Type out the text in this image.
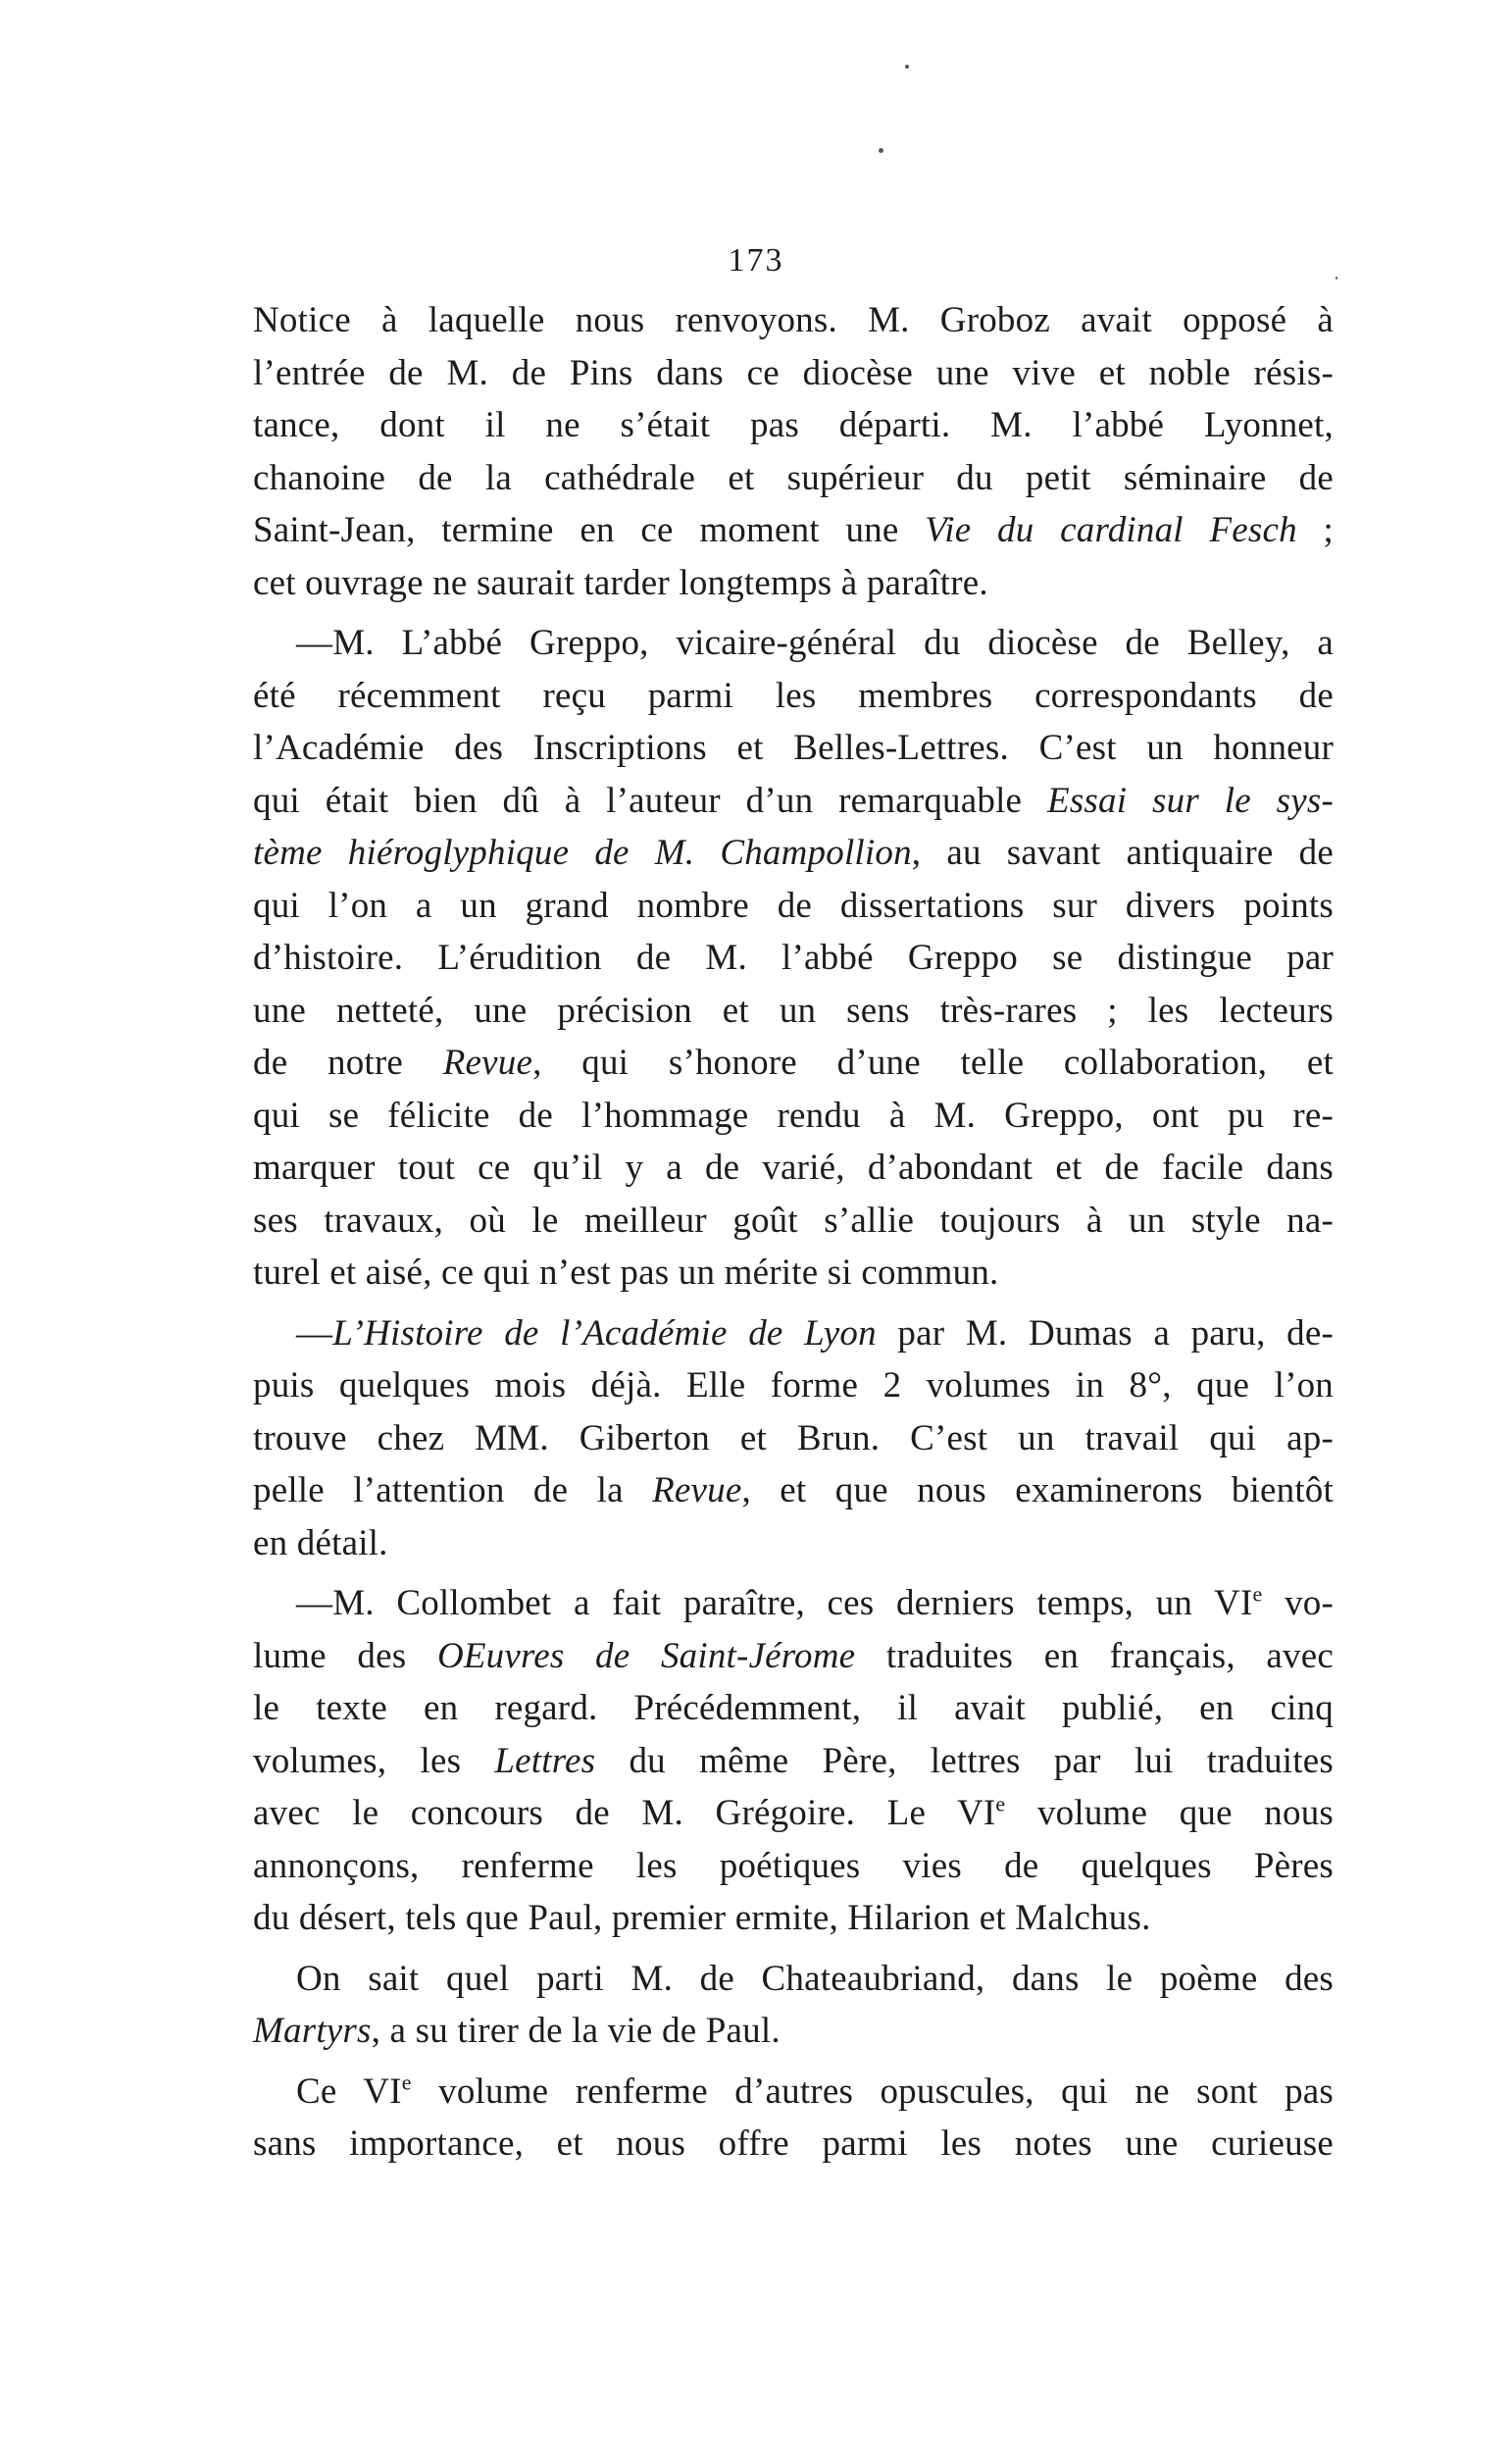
173
Notice à laquelle nous renvoyons. M. Groboz avait opposé à
l’entrée de M. de Pins dans ce diocèse une vive et noble résis-
tance, dont il ne s’était pas départi. M. l’abbé Lyonnet,
chanoine de la cathédrale et supérieur du petit séminaire de
Saint-Jean, termine en ce moment une Vie du cardinal Fesch ;
cet ouvrage ne saurait tarder longtemps à paraître.
—M. L’abbé Greppo, vicaire-général du diocèse de Belley, a
été récemment reçu parmi les membres correspondants de
l’Académie des Inscriptions et Belles-Lettres. C’est un honneur
qui était bien dû à l’auteur d’un remarquable Essai sur le sys-
tème hiéroglyphique de M. Champollion, au savant antiquaire de
qui l’on a un grand nombre de dissertations sur divers points
d’histoire. L’érudition de M. l’abbé Greppo se distingue par
une netteté, une précision et un sens très-rares ; les lecteurs
de notre Revue, qui s’honore d’une telle collaboration, et
qui se félicite de l’hommage rendu à M. Greppo, ont pu re-
marquer tout ce qu’il y a de varié, d’abondant et de facile dans
ses travaux, où le meilleur goût s’allie toujours à un style na-
turel et aisé, ce qui n’est pas un mérite si commun.
—L’Histoire de l’Académie de Lyon par M. Dumas a paru, de-
puis quelques mois déjà. Elle forme 2 volumes in 8°, que l’on
trouve chez MM. Giberton et Brun. C’est un travail qui ap-
pelle l’attention de la Revue, et que nous examinerons bientôt
en détail.
—M. Collombet a fait paraître, ces derniers temps, un VIe vo-
lume des OEuvres de Saint-Jérome traduites en français, avec
le texte en regard. Précédemment, il avait publié, en cinq
volumes, les Lettres du même Père, lettres par lui traduites
avec le concours de M. Grégoire. Le VIe volume que nous
annonçons, renferme les poétiques vies de quelques Pères
du désert, tels que Paul, premier ermite, Hilarion et Malchus.
On sait quel parti M. de Chateaubriand, dans le poème des
Martyrs, a su tirer de la vie de Paul.
Ce VIe volume renferme d’autres opuscules, qui ne sont pas
sans importance, et nous offre parmi les notes une curieuse
